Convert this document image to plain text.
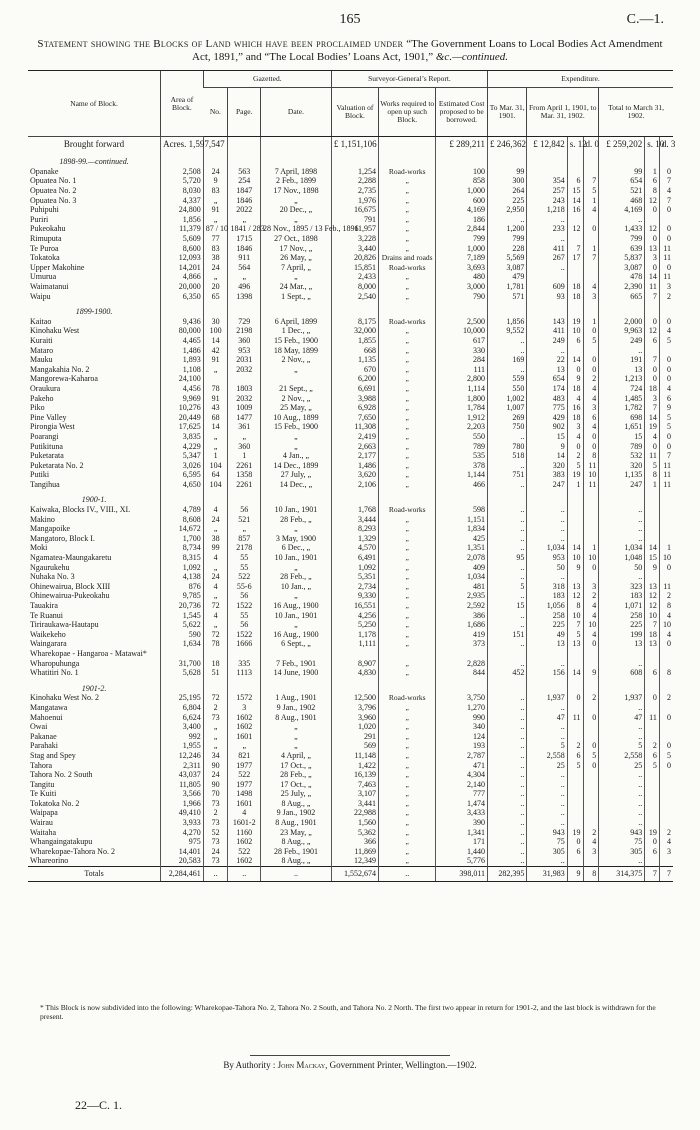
165	C.—1.
Statement showing the Blocks of Land which have been proclaimed under “The Government Loans to Local Bodies Act Amendment Act, 1891,” and “The Local Bodies’ Loans Act, 1901,” &c.—continued.
Name of Block.	Area of Block.	Gazetted.			Surveyor-General’s Report.			Expenditure.						
		No.	Page.	Date.	Valuation of Block.	Works required to open up such Block.	Estimated Cost proposed to be borrowed.	To Mar. 31, 1901.	From April 1, 1901, to Mar. 31, 1902.			Total to March 31, 1902.		
Brought forward	Acres. 1,597,547				£ 1,151,106		£ 289,211	£ 246,362	£ 12,842	s. 12	d. 0	£ 259,202	s. 10	d. 3

1898-99.—continued.														
Opanake	2,508	24	563	7 April, 1898	1,254	Road-works	100	99				99	1	0
Opuatea No. 1	5,720	9	254	2 Feb., 1899	2,288	„	858	300	354	6	7	654	6	7
Opuatea No. 2	8,030	83	1847	17 Nov., 1898	2,735	„	1,000	264	257	15	5	521	8	4
Opuatea No. 3	4,337	„	1846	„	1,976	„	600	225	243	14	1	468	12	7
Puhipuhi	24,800	91	2022	20 Dec., „	16,675	„	4,169	2,950	1,218	16	4	4,169	0	0
Puriri	1,856	„	„	„	791	„	186	..	..			..		
Pukeokahu	11,379	87 / 10	1841 / 283	28 Nov., 1895 / 13 Feb., 1896	11,957	„	2,844	1,200	233	12	0	1,433	12	0
Rimuputa	5,609	77	1715	27 Oct., 1898	3,228	„	799	799	..			799	0	0
Te Puroa	8,600	83	1846	17 Nov., „	3,440	„	1,000	228	411	7	1	639	13	11
Tokatoka	12,093	38	911	26 May, „	20,826	Drains and roads	7,189	5,569	267	17	7	5,837	3	11
Upper Makohine	14,201	24	564	7 April, „	15,851	Road-works	3,693	3,087	..			3,087	0	0
Umurua	4,866	„	„	„	2,433	„	480	479				478	14	11
Waimatanui	20,000	20	496	24 Mar., „	8,000	„	3,000	1,781	609	18	4	2,390	11	3
Waipu	6,350	65	1398	1 Sept., „	2,540	„	790	571	93	18	3	665	7	2

1899-1900.														
Kaitao	9,436	30	729	6 April, 1899	8,175	Road-works	2,500	1,856	143	19	1	2,000	0	0
Kinohaku West	80,000	100	2198	1 Dec., „	32,000	„	10,000	9,552	411	10	0	9,963	12	4
Kuraiti	4,465	14	360	15 Feb., 1900	1,855	„	617	..	249	6	5	249	6	5
Mataro	1,486	42	953	18 May, 1899	668	„	330	..	..			..		
Mauku	1,893	91	2031	2 Nov., „	1,135	„	284	169	22	14	0	191	7	0
Mangakahia No. 2	1,108	„	2032	„	670	„	111	..	13	0	0	13	0	0
Mangorewa-Kaharoa	24,100				6,200	„	2,800	559	654	9	2	1,213	0	0
Oraukura	4,456	78	1803	21 Sept., „	6,691	„	1,114	550	174	18	4	724	18	4
Pakeho	9,969	91	2032	2 Nov., „	3,988	„	1,800	1,002	483	4	4	1,485	3	6
Piko	10,276	43	1009	25 May, „	6,928	„	1,784	1,007	775	16	3	1,782	7	9
Pine Valley	20,449	68	1477	10 Aug., 1899	7,650	„	1,912	269	429	18	6	698	14	5
Pirongia West	17,625	14	361	15 Feb., 1900	11,308	„	2,203	750	902	3	4	1,651	19	5
Poarangi	3,835	„	„	„	2,419	„	550	..	15	4	0	15	4	0
Putikituna	4,229	„	360	„	2,663	„	789	780	9	0	0	789	0	0
Puketarata	5,347	1	1	4 Jan., „	2,177	„	535	518	14	2	8	532	11	7
Puketarata No. 2	3,026	104	2261	14 Dec., 1899	1,486	„	378	..	320	5	11	320	5	11
Putiki	6,595	64	1358	27 July, „	3,620	„	1,144	751	383	19	10	1,135	8	11
Tangihua	4,650	104	2261	14 Dec., „	2,106	„	466	..	247	1	11	247	1	11

1900-1.														
Kaiwaka, Blocks IV., VIII., XI.	4,789	4	56	10 Jan., 1901	1,768	Road-works	598	..	..			..		
Makino	8,608	24	521	28 Feb., „	3,444	„	1,151	..	..			..		
Mangapoike	14,672	„	„	„	8,293	„	1,834	..	..			..		
Mangatoro, Block I.	1,700	38	857	3 May, 1900	1,329	„	425	..	..			..		
Moki	8,734	99	2178	6 Dec., „	4,570	„	1,351	..	1,034	14	1	1,034	14	1
Ngamatea-Maungakaretu	8,315	4	55	10 Jan., 1901	6,491	„	2,078	95	953	10	10	1,048	15	10
Ngaurukehu	1,092	„	55	„	1,092	„	409	..	50	9	0	50	9	0
Nuhaka No. 3	4,138	24	522	28 Feb., „	5,351	„	1,034	..	..			..		
Ohinewairua, Block XIII	876	4	55-6	10 Jan., „	2,734	„	481	5	318	13	3	323	13	11
Ohinewairua-Pukeokahu	9,785	„	56	„	9,330	„	2,935	..	183	12	2	183	12	2
Tauakira	20,736	72	1522	16 Aug., 1900	16,551	„	2,592	15	1,056	8	4	1,071	12	8
Te Ruanui	1,545	4	55	10 Jan., 1901	4,256	„	386	..	258	10	4	258	10	4
Tiriraukawa-Hautapu	5,622	„	56	„	5,250	„	1,686	..	225	7	10	225	7	10
Waikekeho	590	72	1522	16 Aug., 1900	1,178	„	419	151	49	5	4	199	18	4
Waingarara	1,634	78	1666	6 Sept., „	1,111	„	373	..	13	13	0	13	13	0
Wharekopae - Hangaroa - Matawai*														
Wharopuhunga	31,700	18	335	7 Feb., 1901	8,907	„	2,828	..	..			..		
Whatitiri No. 1	5,628	51	1113	14 June, 1900	4,830	„	844	452	156	14	9	608	6	8

1901-2.														
Kinohaku West No. 2	25,195	72	1572	1 Aug., 1901	12,500	Road-works	3,750	..	1,937	0	2	1,937	0	2
Mangatawa	6,804	2	3	9 Jan., 1902	3,796	„	1,270	..	..			..		
Mahoenui	6,624	73	1602	8 Aug., 1901	3,960	„	990	..	47	11	0	47	11	0
Owai	3,400	„	1602	„	1,020	„	340	..	..			..		
Pakanae	992	„	1601	„	291	„	124	..	..			..		
Parahaki	1,955	„	„	„	569	„	193	..	5	2	0	5	2	0
Stag and Spey	12,246	34	821	4 April, „	11,148	„	2,787	..	2,558	6	5	2,558	6	5
Tahora	2,311	90	1977	17 Oct., „	1,422	„	471	..	25	5	0	25	5	0
Tahora No. 2 South	43,037	24	522	28 Feb., „	16,139	„	4,304	..	..			..		
Tangitu	11,805	90	1977	17 Oct., „	7,463	„	2,140	..	..			..		
Te Kuiti	3,566	70	1498	25 July, „	3,107	„	777	..	..			..		
Tokatoka No. 2	1,966	73	1601	8 Aug., „	3,441	„	1,474	..	..			..		
Waipapa	49,410	2	4	9 Jan., 1902	22,988	„	3,433	..	..			..		
Wairau	3,933	73	1601-2	8 Aug., 1901	1,560	„	390	..	..			..		
Waitaha	4,270	52	1160	23 May, „	5,362	„	1,341	..	943	19	2	943	19	2
Whangaingatakupu	975	73	1602	8 Aug., „	366	„	171	..	75	0	4	75	0	4
Wharekopae-Tahora No. 2	14,401	24	522	28 Feb., 1901	11,869	„	1,440	..	305	6	3	305	6	3
Whareorino	20,583	73	1602	8 Aug., „	12,349	„	5,776	..	..			..		
Totals	2,284,461	..	..	..	1,552,674	..	398,011	282,395	31,983	9	8	314,375	7	7
* This Block is now subdivided into the following: Wharekopae-Tahora No. 2, Tahora No. 2 South, and Tahora No. 2 North. The first two appear in return for 1901-2, and the last block is withdrawn for the present.
By Authority : John Mackay, Government Printer, Wellington.—1902.
22—C. 1.
